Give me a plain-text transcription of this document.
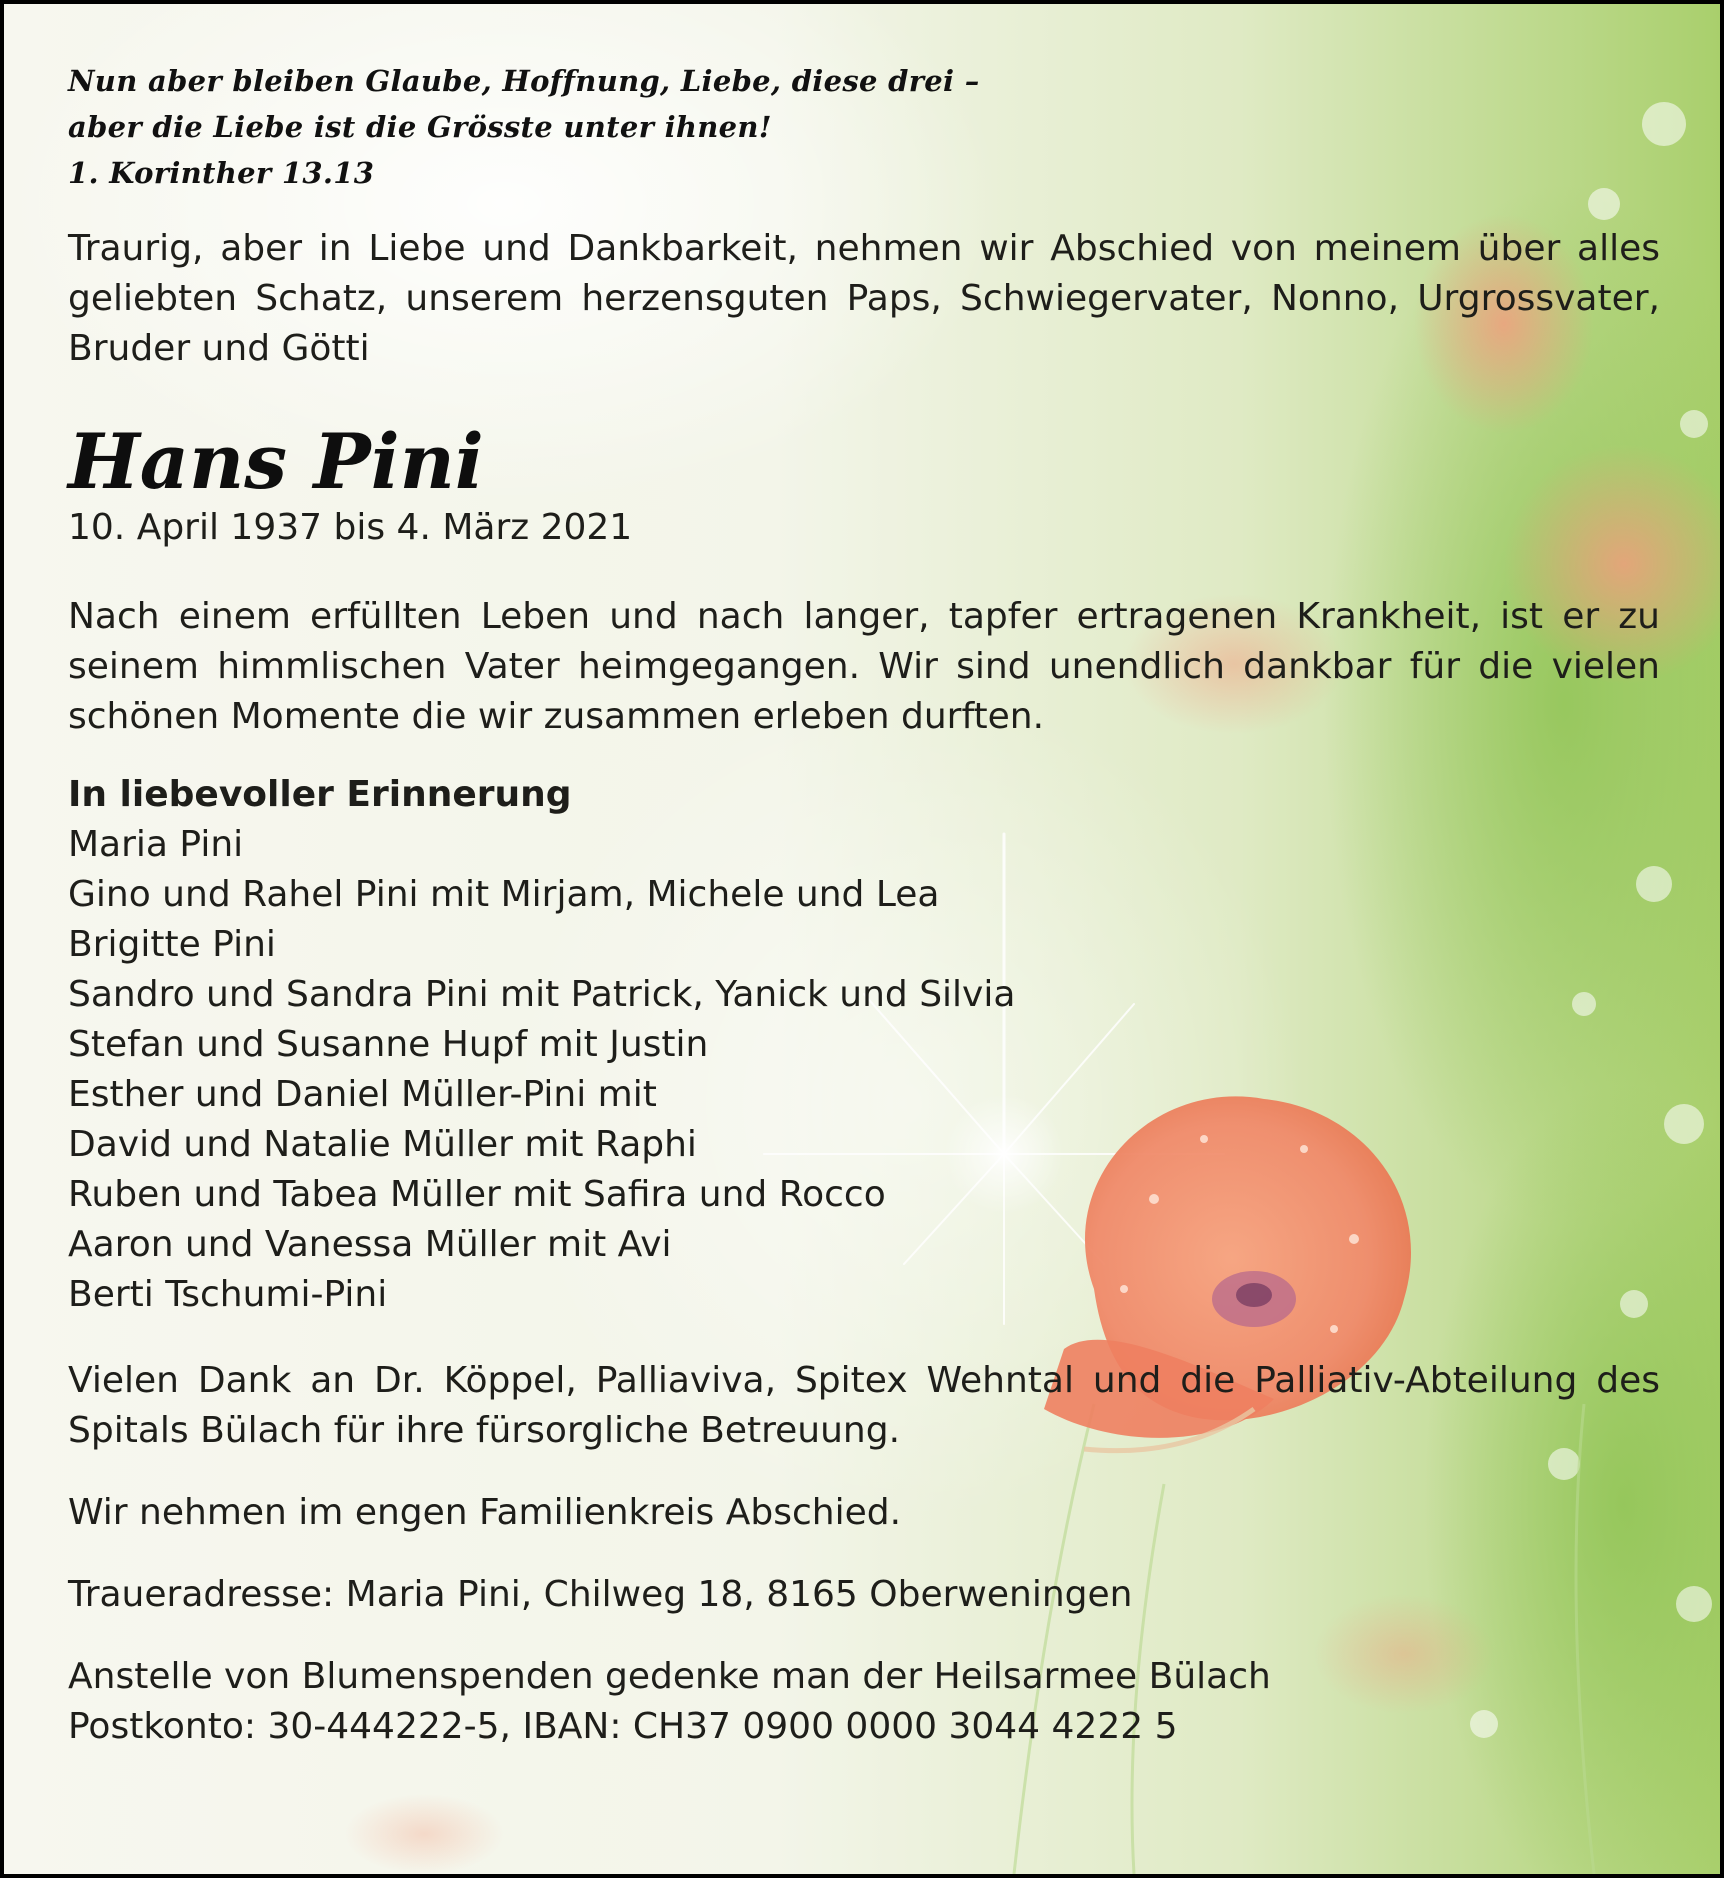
Nun aber bleiben Glaube, Hoffnung, Liebe, diese drei –
aber die Liebe ist die Grösste unter ihnen!
1. Korinther 13.13
Traurig, aber in Liebe und Dankbarkeit, nehmen wir Abschied von meinem über alles geliebten Schatz, unserem herzensguten Paps, Schwiegervater, Nonno, Urgrossvater, Bruder und Götti
Hans Pini
10. April 1937 bis 4. März 2021
Nach einem erfüllten Leben und nach langer, tapfer ertragenen Krankheit, ist er zu seinem himmlischen Vater heimgegangen. Wir sind unendlich dankbar für die vielen schönen Momente die wir zusammen erleben durften.
In liebevoller Erinnerung
Maria Pini
Gino und Rahel Pini mit Mirjam, Michele und Lea
Brigitte Pini
Sandro und Sandra Pini mit Patrick, Yanick und Silvia
Stefan und Susanne Hupf mit Justin
Esther und Daniel Müller-Pini mit
David und Natalie Müller mit Raphi
Ruben und Tabea Müller mit Safira und Rocco
Aaron und Vanessa Müller mit Avi
Berti Tschumi-Pini
Vielen Dank an Dr. Köppel, Palliaviva, Spitex Wehntal und die Palliativ-Abteilung des Spitals Bülach für ihre fürsorgliche Betreuung.
Wir nehmen im engen Familienkreis Abschied.
Traueradresse: Maria Pini, Chilweg 18, 8165 Oberweningen
Anstelle von Blumenspenden gedenke man der Heilsarmee Bülach
Postkonto: 30-444222-5, IBAN: CH37 0900 0000 3044 4222 5
